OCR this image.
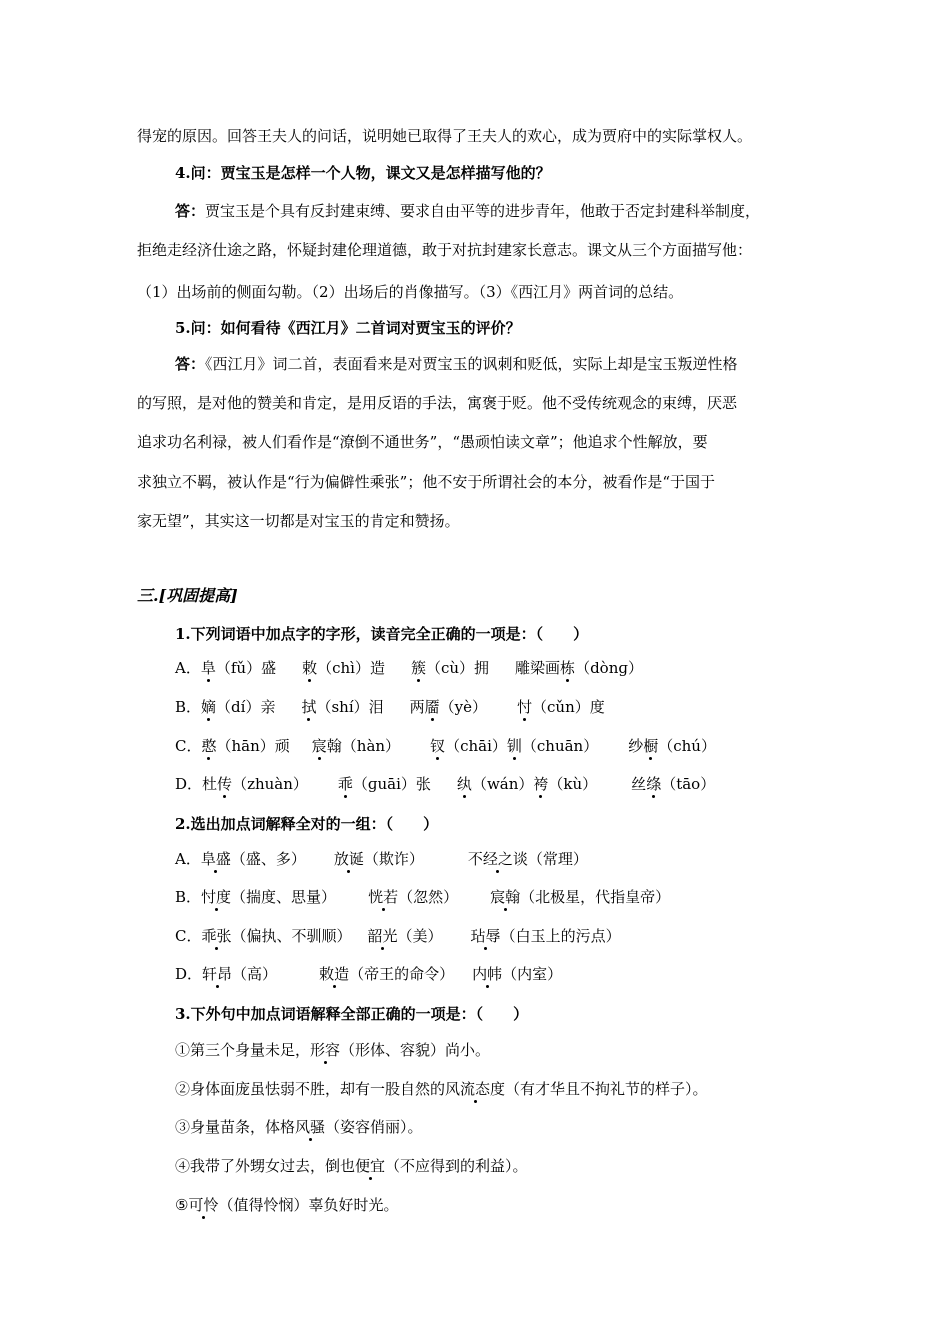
得宠的原因。回答王夫人的问话，说明她已取得了王夫人的欢心，成为贾府中的实际掌权人。
4.问：贾宝玉是怎样一个人物，课文又是怎样描写他的？
答：贾宝玉是个具有反封建束缚、要求自由平等的进步青年，他敢于否定封建科举制度，
拒绝走经济仕途之路，怀疑封建伦理道德，敢于对抗封建家长意志。课文从三个方面描写他：
（1）出场前的侧面勾勒。（2）出场后的肖像描写。（3）《西江月》两首词的总结。
5.问：如何看待《西江月》二首词对贾宝玉的评价？
答：《西江月》词二首，表面看来是对贾宝玉的讽刺和贬低，实际上却是宝玉叛逆性格
的写照，是对他的赞美和肯定，是用反语的手法，寓褒于贬。他不受传统观念的束缚，厌恶
追求功名利禄，被人们看作是“潦倒不通世务”，“愚顽怕读文章”；他追求个性解放，要
求独立不羁，被认作是“行为偏僻性乘张”；他不安于所谓社会的本分，被看作是“于国于
家无望”，其实这一切都是对宝玉的肯定和赞扬。
三.[巩固提高]
1.下列词语中加点字的字形，读音完全正确的一项是：（　　）
A．阜（fǔ）盛 敕（chì）造 簇（cù）拥 雕梁画栋（dònɡ）
B．嫡（dí）亲 拭（shí）泪 两靥（yè） 忖（cǔn）度
C．憨（hān）顽 宸翰（hàn） 钗（chāi）钏（chuān） 纱橱（chú）
D．杜传（zhuàn） 乖（ɡuāi）张 纨（wán）袴（kù） 丝绦（tāo）
2.选出加点词解释全对的一组：（　　）
A．阜盛（盛、多） 放诞（欺诈）	不经之谈（常理）
B．忖度（揣度、思量） 恍若（忽然） 宸翰（北极星，代指皇帝）
C．乖张（偏执、不驯顺） 韶光（美） 玷辱（白玉上的污点）
D．轩昂（高）	敕造（帝王的命令） 内帏（内室）
3.下外句中加点词语解释全部正确的一项是：（　　）
①第三个身量未足，形容（形体、容貌）尚小。
②身体面庞虽怯弱不胜，却有一股自然的风流态度（有才华且不拘礼节的样子）。
③身量苗条，体格风骚（姿容俏丽）。
④我带了外甥女过去，倒也便宜（不应得到的利益）。
⑤可怜（值得怜悯）辜负好时光。
